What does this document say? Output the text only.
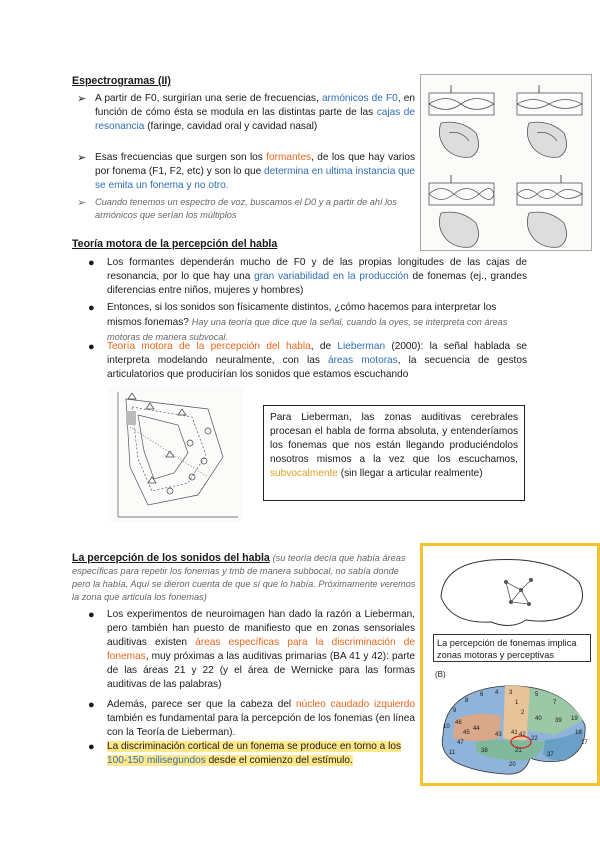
Espectrogramas (II)
➢ A partir de F0, surgirían una serie de frecuencias, armónicos de F0, en función de cómo ésta se modula en las distintas parte de las cajas de resonancia (faringe, cavidad oral y cavidad nasal)
➢ Esas frecuencias que surgen son los formantes, de los que hay varios por fonema (F1, F2, etc) y son lo que determina en ultima instancia que se emita un fonema y no otro.
➢ Cuando tenemos un espectro de voz, buscamos el D0 y a partir de ahí los armónicos que serían los múltiplos
Teoría motora de la percepción del habla
● Los formantes dependerán mucho de F0 y de las propias longitudes de las cajas de resonancia, por lo que hay una gran variabilidad en la producción de fonemas (ej., grandes diferencias entre niños, mujeres y hombres)
● Entonces, si los sonidos son físicamente distintos, ¿cómo hacemos para interpretar los mismos fonemas? Hay una teoría que dice que la señal, cuando la oyes, se interpreta con áreas motoras de manera subvocal.
● Teoría motora de la percepción del habla, de Lieberman (2000): la señal hablada se interpreta modelando neuralmente, con las áreas motoras, la secuencia de gestos articulatorios que producirían los sonidos que estamos escuchando
Para Lieberman, las zonas auditivas cerebrales procesan el habla de forma absoluta, y entenderíamos los fonemas que nos están llegando produciéndolos nosotros mismos a la vez que los escuchamos, subvocalmente (sin llegar a articular realmente)
La percepción de los sonidos del habla (su teoría decía que había áreas específicas para repetir los fonemas y tmb de manera subbocal, no sabía donde pero la había. Aquí se dieron cuenta de que sí que lo había. Próximamente veremos la zona que articula los fonemas)
● Los experimentos de neuroimagen han dado la razón a Lieberman, pero también han puesto de manifiesto que en zonas sensoriales auditivas existen áreas específicas para la discriminación de fonemas, muy próximas a las auditivas primarias (BA 41 y 42): parte de las áreas 21 y 22 (y el área de Wernicke para las formas auditivas de las palabras)
● Además, parece ser que la cabeza del núcleo caudado izquierdo también es fundamental para la percepción de los fonemas (en línea con la Teoría de Lieberman).
● La discriminación cortical de un fonema se produce en torno a los 100-150 milisegundos desde el comienzo del estímulo.
La percepción de fonemas implica zonas motoras y perceptivas
(B)
4
6
8
9
10
46
44
45
47
3
1
2
5
7
40 39 19
18
17
43 41 42
22
21
20
37
38
11
